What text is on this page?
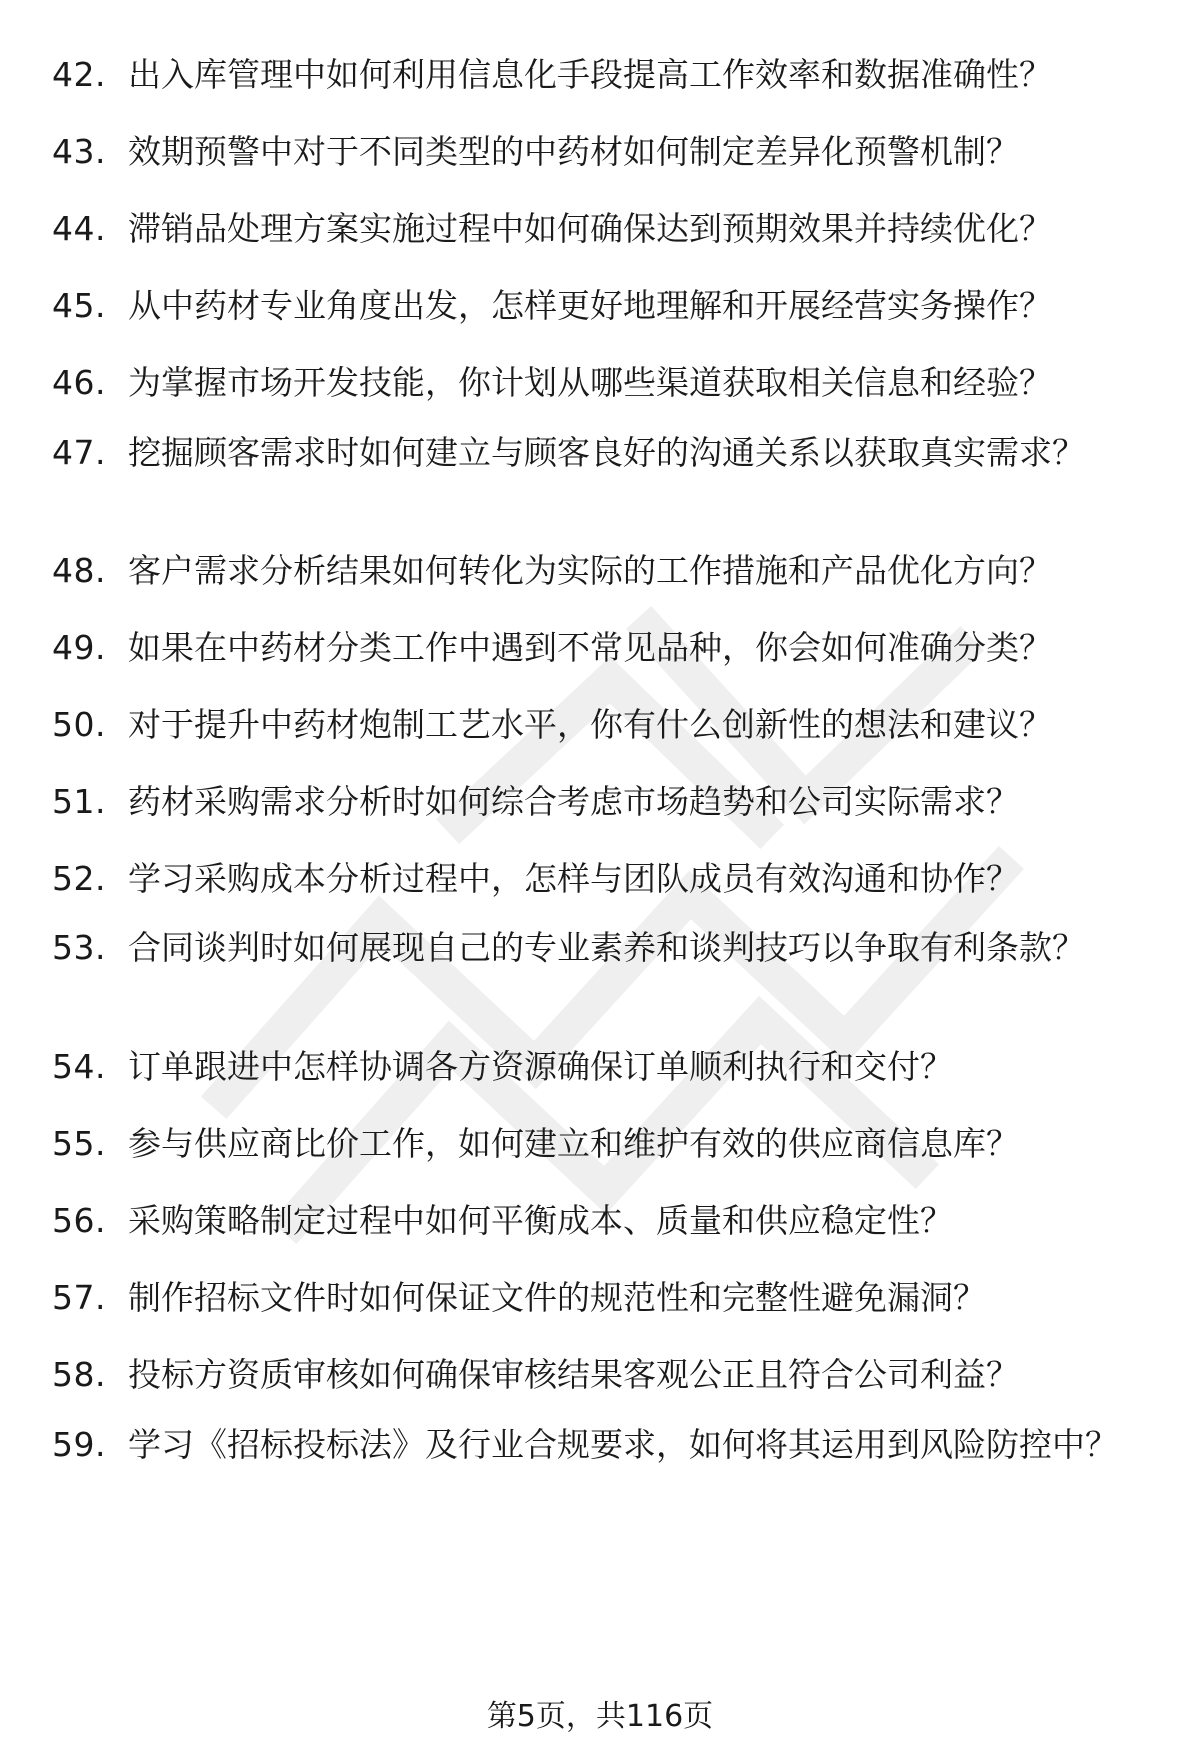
42. 出入库管理中如何利用信息化手段提高工作效率和数据准确性？
43. 效期预警中对于不同类型的中药材如何制定差异化预警机制？
44. 滞销品处理方案实施过程中如何确保达到预期效果并持续优化？
45. 从中药材专业角度出发，怎样更好地理解和开展经营实务操作？
46. 为掌握市场开发技能，你计划从哪些渠道获取相关信息和经验？
47. 挖掘顾客需求时如何建立与顾客良好的沟通关系以获取真实需求？
48. 客户需求分析结果如何转化为实际的工作措施和产品优化方向？
49. 如果在中药材分类工作中遇到不常见品种，你会如何准确分类？
50. 对于提升中药材炮制工艺水平，你有什么创新性的想法和建议？
51. 药材采购需求分析时如何综合考虑市场趋势和公司实际需求？
52. 学习采购成本分析过程中，怎样与团队成员有效沟通和协作？
53. 合同谈判时如何展现自己的专业素养和谈判技巧以争取有利条款？
54. 订单跟进中怎样协调各方资源确保订单顺利执行和交付？
55. 参与供应商比价工作，如何建立和维护有效的供应商信息库？
56. 采购策略制定过程中如何平衡成本、质量和供应稳定性？
57. 制作招标文件时如何保证文件的规范性和完整性避免漏洞？
58. 投标方资质审核如何确保审核结果客观公正且符合公司利益？
59. 学习《招标投标法》及行业合规要求，如何将其运用到风险防控中？
第5页，共116页
